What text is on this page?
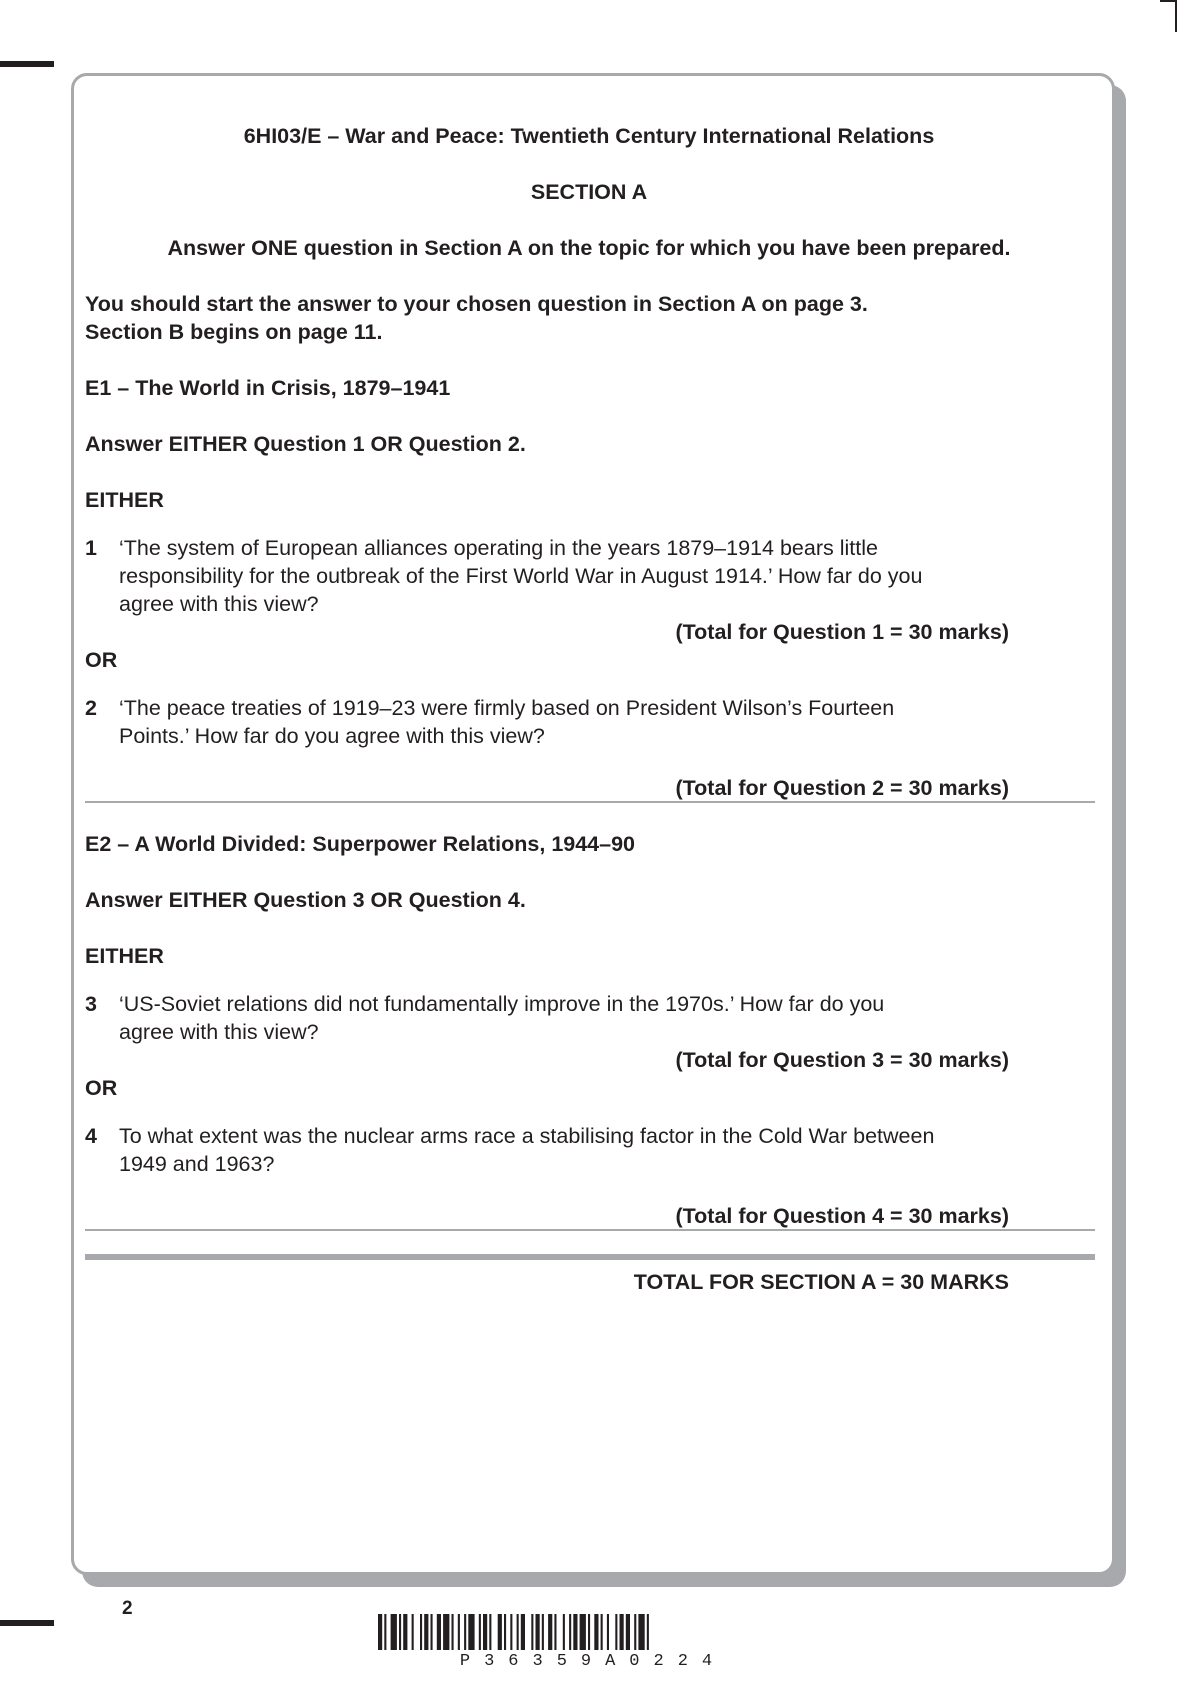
6HI03/E – War and Peace: Twentieth Century International Relations
SECTION A
Answer ONE question in Section A on the topic for which you have been prepared.
You should start the answer to your chosen question in Section A on page 3.
Section B begins on page 11.
E1 – The World in Crisis, 1879–1941
Answer EITHER Question 1 OR Question 2.
EITHER
1 ‘The system of European alliances operating in the years 1879–1914 bears little
responsibility for the outbreak of the First World War in August 1914.’ How far do you
agree with this view?
(Total for Question 1 = 30 marks)
OR
2 ‘The peace treaties of 1919–23 were firmly based on President Wilson’s Fourteen
Points.’ How far do you agree with this view?
(Total for Question 2 = 30 marks)
E2 – A World Divided: Superpower Relations, 1944–90
Answer EITHER Question 3 OR Question 4.
EITHER
3 ‘US-Soviet relations did not fundamentally improve in the 1970s.’ How far do you
agree with this view?
(Total for Question 3 = 30 marks)
OR
4 To what extent was the nuclear arms race a stabilising factor in the Cold War between
1949 and 1963?
(Total for Question 4 = 30 marks)
TOTAL FOR SECTION A = 30 MARKS
2
P36359A0224
